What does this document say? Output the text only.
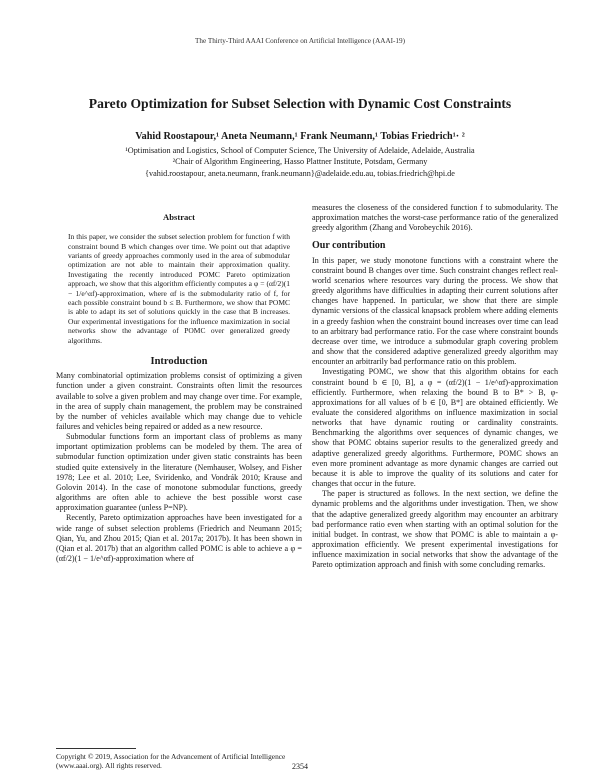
The Thirty-Third AAAI Conference on Artificial Intelligence (AAAI-19)
Pareto Optimization for Subset Selection with Dynamic Cost Constraints
Vahid Roostapour,¹ Aneta Neumann,¹ Frank Neumann,¹ Tobias Friedrich¹· ²
¹Optimisation and Logistics, School of Computer Science, The University of Adelaide, Adelaide, Australia
²Chair of Algorithm Engineering, Hasso Plattner Institute, Potsdam, Germany
{vahid.roostapour, aneta.neumann, frank.neumann}@adelaide.edu.au, tobias.friedrich@hpi.de
Abstract

In this paper, we consider the subset selection problem for function f with constraint bound B which changes over time. We point out that adaptive variants of greedy approaches commonly used in the area of submodular optimization are not able to maintain their approximation quality. Investigating the recently introduced POMC Pareto optimization approach, we show that this algorithm efficiently computes a φ = (αf/2)(1 − 1/e^αf)-approximation, where αf is the submodularity ratio of f, for each possible constraint bound b ≤ B. Furthermore, we show that POMC is able to adapt its set of solutions quickly in the case that B increases. Our experimental investigations for the influence maximization in social networks show the advantage of POMC over generalized greedy algorithms.

Introduction

Many combinatorial optimization problems consist of optimizing a given function under a given constraint. Constraints often limit the resources available to solve a given problem and may change over time. For example, in the area of supply chain management, the problem may be constrained by the number of vehicles available which may change due to vehicle failures and vehicles being repaired or added as a new resource.

Submodular functions form an important class of problems as many important optimization problems can be modeled by them. The area of submodular function optimization under given static constraints has been studied quite extensively in the literature (Nemhauser, Wolsey, and Fisher 1978; Lee et al. 2010; Lee, Sviridenko, and Vondrák 2010; Krause and Golovin 2014). In the case of monotone submodular functions, greedy algorithms are often able to achieve the best possible worst case approximation guarantee (unless P=NP).

Recently, Pareto optimization approaches have been investigated for a wide range of subset selection problems (Friedrich and Neumann 2015; Qian, Yu, and Zhou 2015; Qian et al. 2017a; 2017b). It has been shown in (Qian et al. 2017b) that an algorithm called POMC is able to achieve a φ = (αf/2)(1 − 1/e^αf)-approximation where αf

measures the closeness of the considered function f to submodularity. The approximation matches the worst-case performance ratio of the generalized greedy algorithm (Zhang and Vorobeychik 2016).

Our contribution

In this paper, we study monotone functions with a constraint where the constraint bound B changes over time. Such constraint changes reflect real-world scenarios where resources vary during the process. We show that greedy algorithms have difficulties in adapting their current solutions after changes have happened. In particular, we show that there are simple dynamic versions of the classical knapsack problem where adding elements in a greedy fashion when the constraint bound increases over time can lead to an arbitrary bad performance ratio. For the case where constraint bounds decrease over time, we introduce a submodular graph covering problem and show that the considered adaptive generalized greedy algorithm may encounter an arbitrarily bad performance ratio on this problem.

Investigating POMC, we show that this algorithm obtains for each constraint bound b ∈ [0, B], a φ = (αf/2)(1 − 1/e^αf)-approximation efficiently. Furthermore, when relaxing the bound B to B* > B, φ-approximations for all values of b ∈ [0, B*] are obtained efficiently. We evaluate the considered algorithms on influence maximization in social networks that have dynamic routing or cardinality constraints. Benchmarking the algorithms over sequences of dynamic changes, we show that POMC obtains superior results to the generalized greedy and adaptive generalized greedy algorithms. Furthermore, POMC shows an even more prominent advantage as more dynamic changes are carried out because it is able to improve the quality of its solutions and cater for changes that occur in the future.

The paper is structured as follows. In the next section, we define the dynamic problems and the algorithms under investigation. Then, we show that the adaptive generalized greedy algorithm may encounter an arbitrary bad performance ratio even when starting with an optimal solution for the initial budget. In contrast, we show that POMC is able to maintain a φ-approximation efficiently. We present experimental investigations for influence maximization in social networks that show the advantage of the Pareto optimization approach and finish with some concluding remarks.

Copyright © 2019, Association for the Advancement of Artificial Intelligence (www.aaai.org). All rights reserved.	2354
